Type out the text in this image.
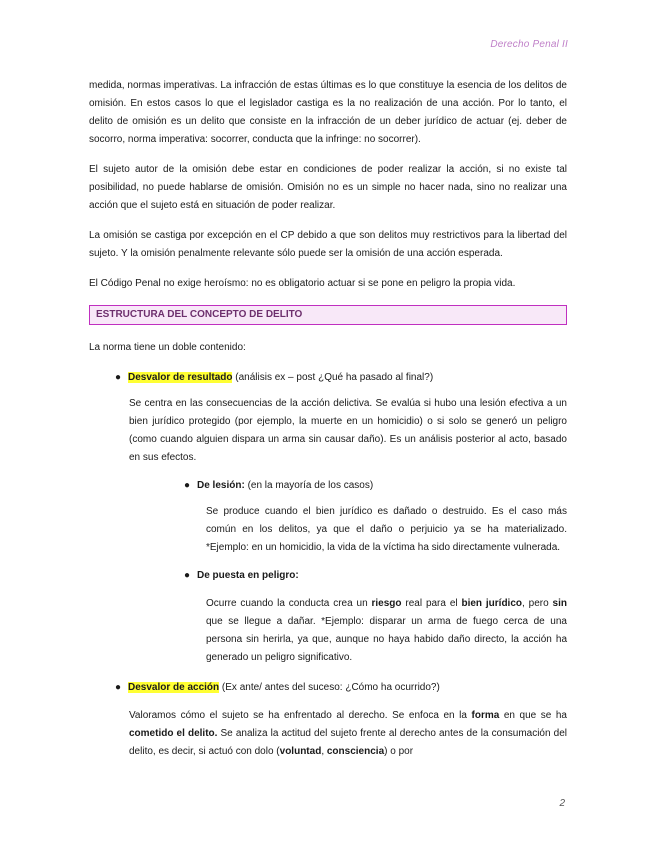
Derecho Penal II

medida, normas imperativas. La infracción de estas últimas es lo que constituye la esencia de los delitos de omisión. En estos casos lo que el legislador castiga es la no realización de una acción. Por lo tanto, el delito de omisión es un delito que consiste en la infracción de un deber jurídico de actuar (ej. deber de socorro, norma imperativa: socorrer, conducta que la infringe: no socorrer).

El sujeto autor de la omisión debe estar en condiciones de poder realizar la acción, si no existe tal posibilidad, no puede hablarse de omisión. Omisión no es un simple no hacer nada, sino no realizar una acción que el sujeto está en situación de poder realizar.

La omisión se castiga por excepción en el CP debido a que son delitos muy restrictivos para la libertad del sujeto. Y la omisión penalmente relevante sólo puede ser la omisión de una acción esperada.

El Código Penal no exige heroísmo: no es obligatorio actuar si se pone en peligro la propia vida.

ESTRUCTURA DEL CONCEPTO DE DELITO

La norma tiene un doble contenido:

● Desvalor de resultado (análisis ex – post ¿Qué ha pasado al final?)

Se centra en las consecuencias de la acción delictiva. Se evalúa si hubo una lesión efectiva a un bien jurídico protegido (por ejemplo, la muerte en un homicidio) o si solo se generó un peligro (como cuando alguien dispara un arma sin causar daño). Es un análisis posterior al acto, basado en sus efectos.

● De lesión: (en la mayoría de los casos)

Se produce cuando el bien jurídico es dañado o destruido. Es el caso más común en los delitos, ya que el daño o perjuicio ya se ha materializado. *Ejemplo: en un homicidio, la vida de la víctima ha sido directamente vulnerada.

● De puesta en peligro:

Ocurre cuando la conducta crea un riesgo real para el bien jurídico, pero sin que se llegue a dañar. *Ejemplo: disparar un arma de fuego cerca de una persona sin herirla, ya que, aunque no haya habido daño directo, la acción ha generado un peligro significativo.

● Desvalor de acción (Ex ante/ antes del suceso: ¿Cómo ha ocurrido?)

Valoramos cómo el sujeto se ha enfrentado al derecho. Se enfoca en la forma en que se ha cometido el delito. Se analiza la actitud del sujeto frente al derecho antes de la consumación del delito, es decir, si actuó con dolo (voluntad, consciencia) o por

2
